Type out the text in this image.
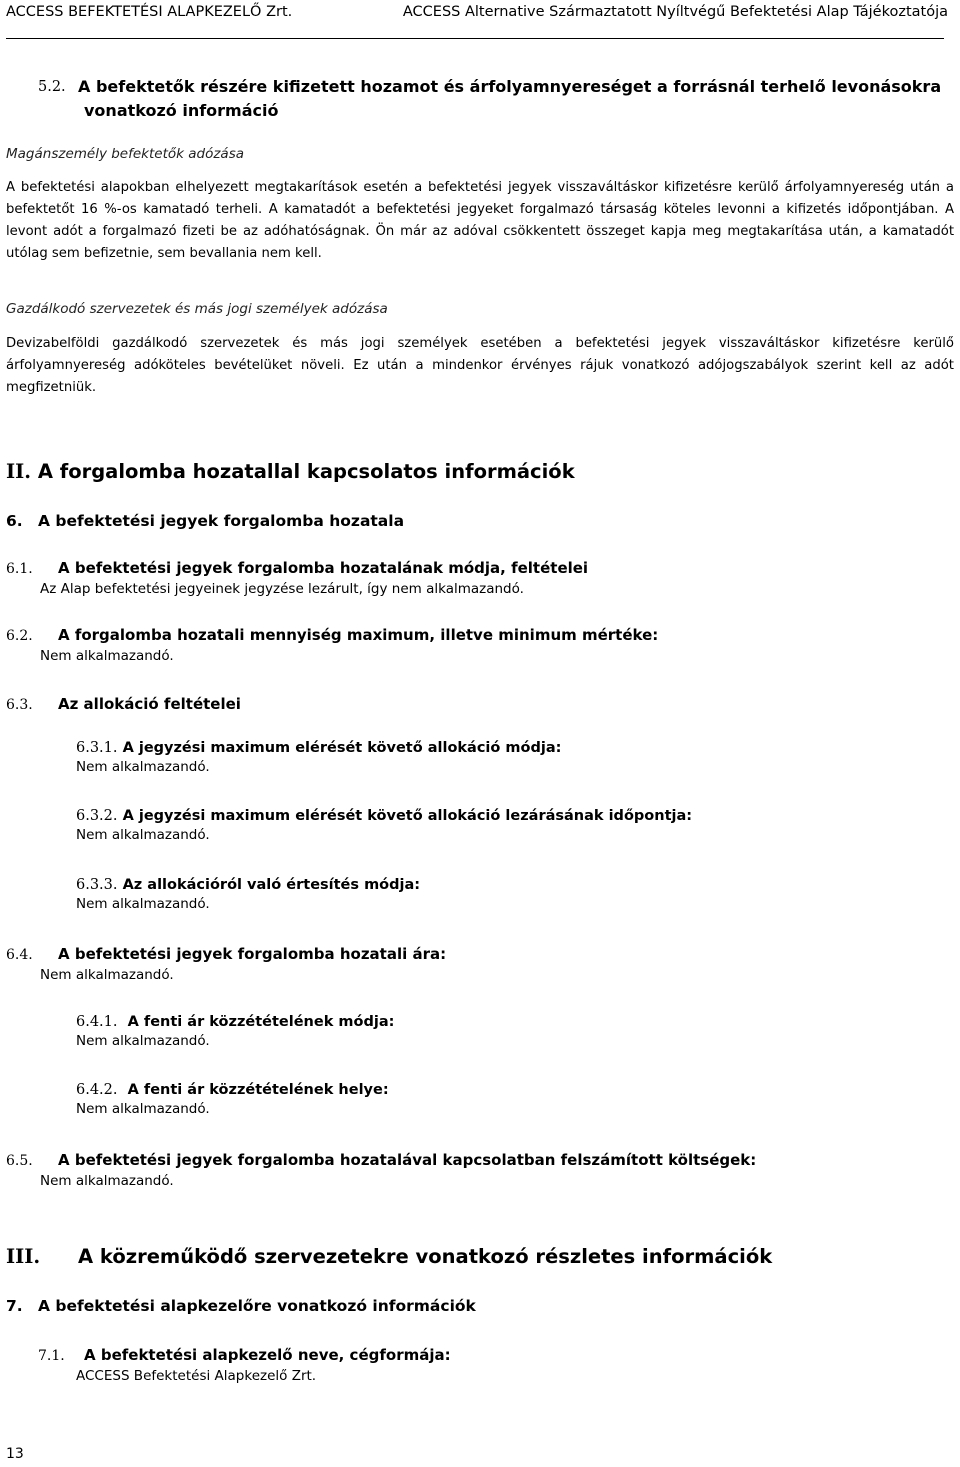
ACCESS BEFEKTETÉSI ALAPKEZELŐ Zrt.	ACCESS Alternative Származtatott Nyíltvégű Befektetési Alap Tájékoztatója
5.2. A befektetők részére kifizetett hozamot és árfolyamnyereséget a forrásnál terhelő levonásokra
vonatkozó információ
Magánszemély befektetők adózása
A befektetési alapokban elhelyezett megtakarítások esetén a befektetési jegyek visszaváltáskor kifizetésre kerülő árfolyamnyereség után a befektetőt 16 %-os kamatadó terheli. A kamatadót a befektetési jegyeket forgalmazó társaság köteles levonni a kifizetés időpontjában. A levont adót a forgalmazó fizeti be az adóhatóságnak. Ön már az adóval csökkentett összeget kapja meg megtakarítása után, a kamatadót utólag sem befizetnie, sem bevallania nem kell.
Gazdálkodó szervezetek és más jogi személyek adózása
Devizabelföldi gazdálkodó szervezetek és más jogi személyek esetében a befektetési jegyek visszaváltáskor kifizetésre kerülő árfolyamnyereség adóköteles bevételüket növeli. Ez után a mindenkor érvényes rájuk vonatkozó adójogszabályok szerint kell az adót megfizetniük.
II. A forgalomba hozatallal kapcsolatos információk
6. A befektetési jegyek forgalomba hozatala
6.1. A befektetési jegyek forgalomba hozatalának módja, feltételei
Az Alap befektetési jegyeinek jegyzése lezárult, így nem alkalmazandó.
6.2. A forgalomba hozatali mennyiség maximum, illetve minimum mértéke:
Nem alkalmazandó.
6.3. Az allokáció feltételei
6.3.1. A jegyzési maximum elérését követő allokáció módja:
Nem alkalmazandó.
6.3.2. A jegyzési maximum elérését követő allokáció lezárásának időpontja:
Nem alkalmazandó.
6.3.3. Az allokációról való értesítés módja:
Nem alkalmazandó.
6.4. A befektetési jegyek forgalomba hozatali ára:
Nem alkalmazandó.
6.4.1. A fenti ár közzétételének módja:
Nem alkalmazandó.
6.4.2. A fenti ár közzétételének helye:
Nem alkalmazandó.
6.5. A befektetési jegyek forgalomba hozatalával kapcsolatban felszámított költségek:
Nem alkalmazandó.
III. A közreműködő szervezetekre vonatkozó részletes információk
7. A befektetési alapkezelőre vonatkozó információk
7.1. A befektetési alapkezelő neve, cégformája:
ACCESS Befektetési Alapkezelő Zrt.
13
